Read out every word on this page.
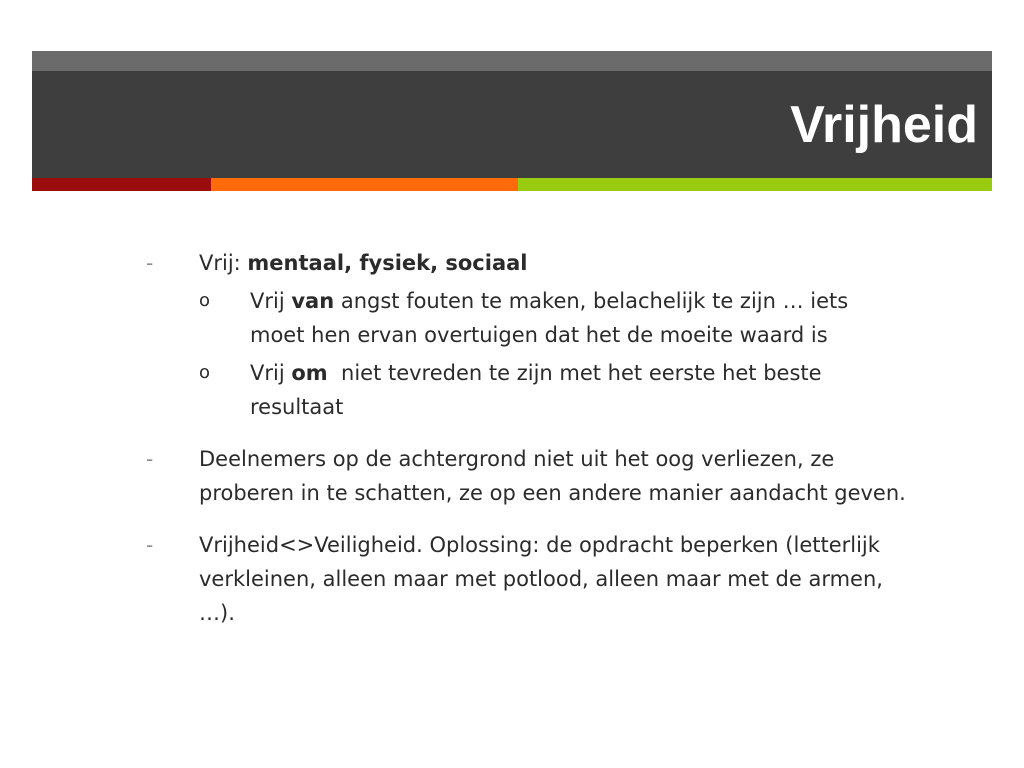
Vrijheid
-	Vrij: mentaal, fysiek, sociaal
o Vrij van angst fouten te maken, belachelijk te zijn … iets moet hen ervan overtuigen dat het de moeite waard is
o Vrij om  niet tevreden te zijn met het eerste het beste resultaat
-	Deelnemers op de achtergrond niet uit het oog verliezen, ze proberen in te schatten, ze op een andere manier aandacht geven.
-	Vrijheid<>Veiligheid. Oplossing: de opdracht beperken (letterlijk verkleinen, alleen maar met potlood, alleen maar met de armen, …).
